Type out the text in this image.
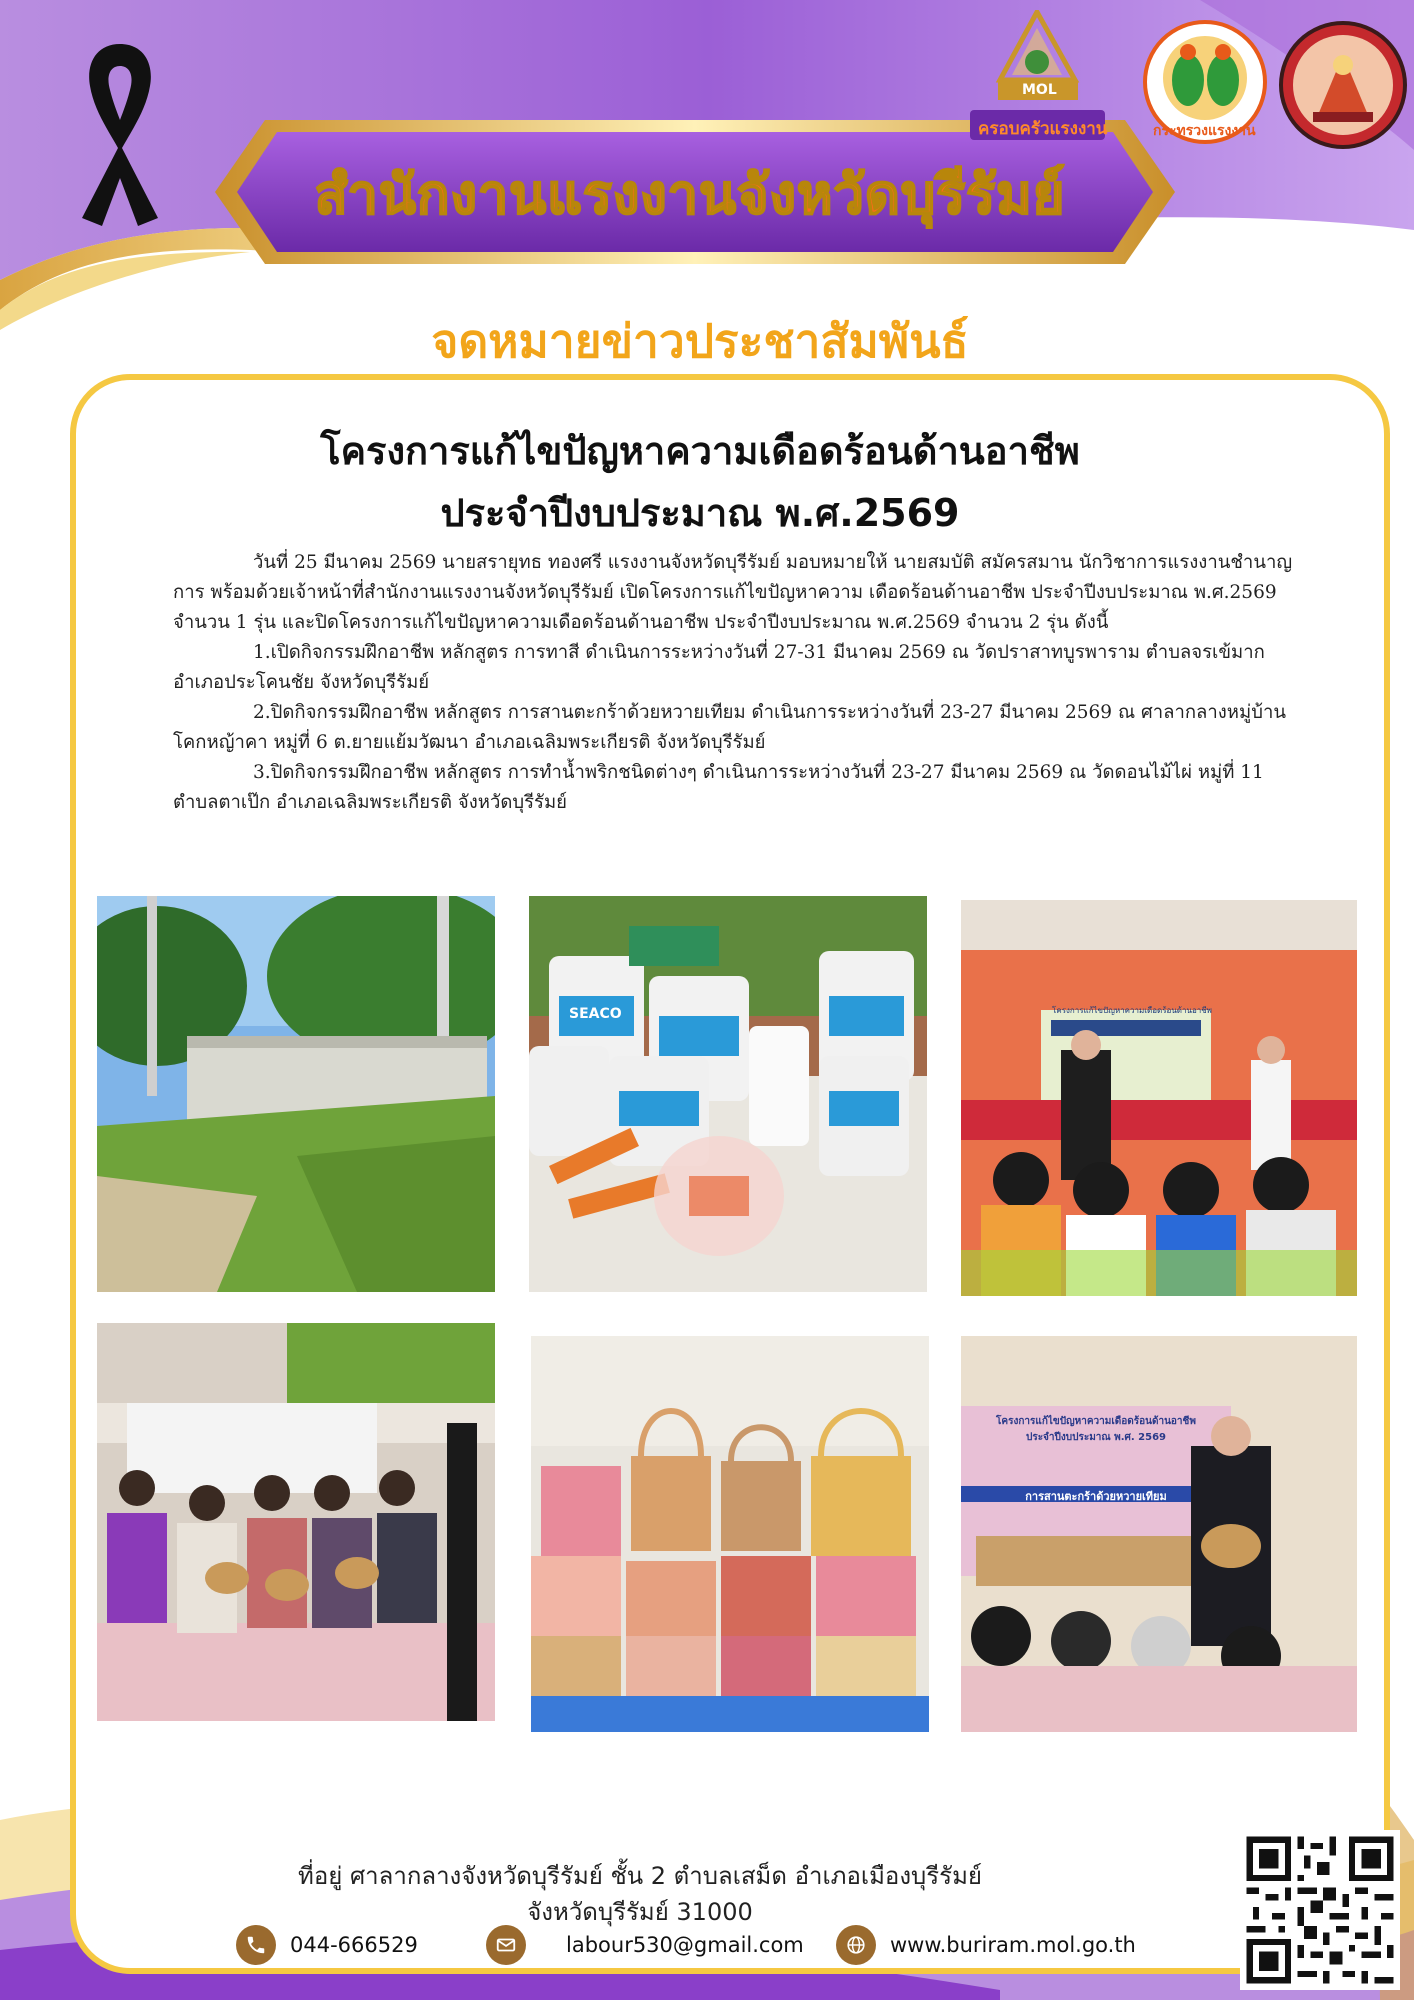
สำนักงานแรงงานจังหวัดบุรีรัมย์
MOL
ครอบครัวแรงงาน	กระทรวงแรงงาน
จดหมายข่าวประชาสัมพันธ์
โครงการแก้ไขปัญหาความเดือดร้อนด้านอาชีพ
ประจำปีงบประมาณ พ.ศ.2569

วันที่ 25 มีนาคม 2569 นายสรายุทธ ทองศรี แรงงานจังหวัดบุรีรัมย์ มอบหมายให้ นายสมบัติ สมัครสมาน นักวิชาการแรงงานชำนาญการ พร้อมด้วยเจ้าหน้าที่สำนักงานแรงงานจังหวัดบุรีรัมย์ เปิดโครงการแก้ไขปัญหาความ เดือดร้อนด้านอาชีพ ประจำปีงบประมาณ พ.ศ.2569 จำนวน 1 รุ่น และปิดโครงการแก้ไขปัญหาความเดือดร้อนด้านอาชีพ ประจำปีงบประมาณ พ.ศ.2569 จำนวน 2 รุ่น ดังนี้

1.เปิดกิจกรรมฝึกอาชีพ หลักสูตร การทาสี ดำเนินการระหว่างวันที่ 27-31 มีนาคม 2569 ณ วัดปราสาทบูรพาราม ตำบลจรเข้มาก อำเภอประโคนชัย จังหวัดบุรีรัมย์

2.ปิดกิจกรรมฝึกอาชีพ หลักสูตร การสานตะกร้าด้วยหวายเทียม ดำเนินการระหว่างวันที่ 23-27 มีนาคม 2569 ณ ศาลากลางหมู่บ้านโคกหญ้าคา หมู่ที่ 6 ต.ยายแย้มวัฒนา อำเภอเฉลิมพระเกียรติ จังหวัดบุรีรัมย์

3.ปิดกิจกรรมฝึกอาชีพ หลักสูตร การทำน้ำพริกชนิดต่างๆ ดำเนินการระหว่างวันที่ 23-27 มีนาคม 2569 ณ วัดดอนไม้ไผ่ หมู่ที่ 11 ตำบลตาเป๊ก อำเภอเฉลิมพระเกียรติ จังหวัดบุรีรัมย์

SEACO	โครงการแก้ไขปัญหาความเดือดร้อนด้านอาชีพ
โครงการแก้ไขปัญหาความเดือดร้อนด้านอาชีพ
ประจำปีงบประมาณ พ.ศ. 2569
การสานตะกร้าด้วยหวายเทียม
ที่อยู่ ศาลากลางจังหวัดบุรีรัมย์ ชั้น 2 ตำบลเสม็ด อำเภอเมืองบุรีรัมย์
จังหวัดบุรีรัมย์ 31000
044-666529	labour530@gmail.com	www.buriram.mol.go.th
